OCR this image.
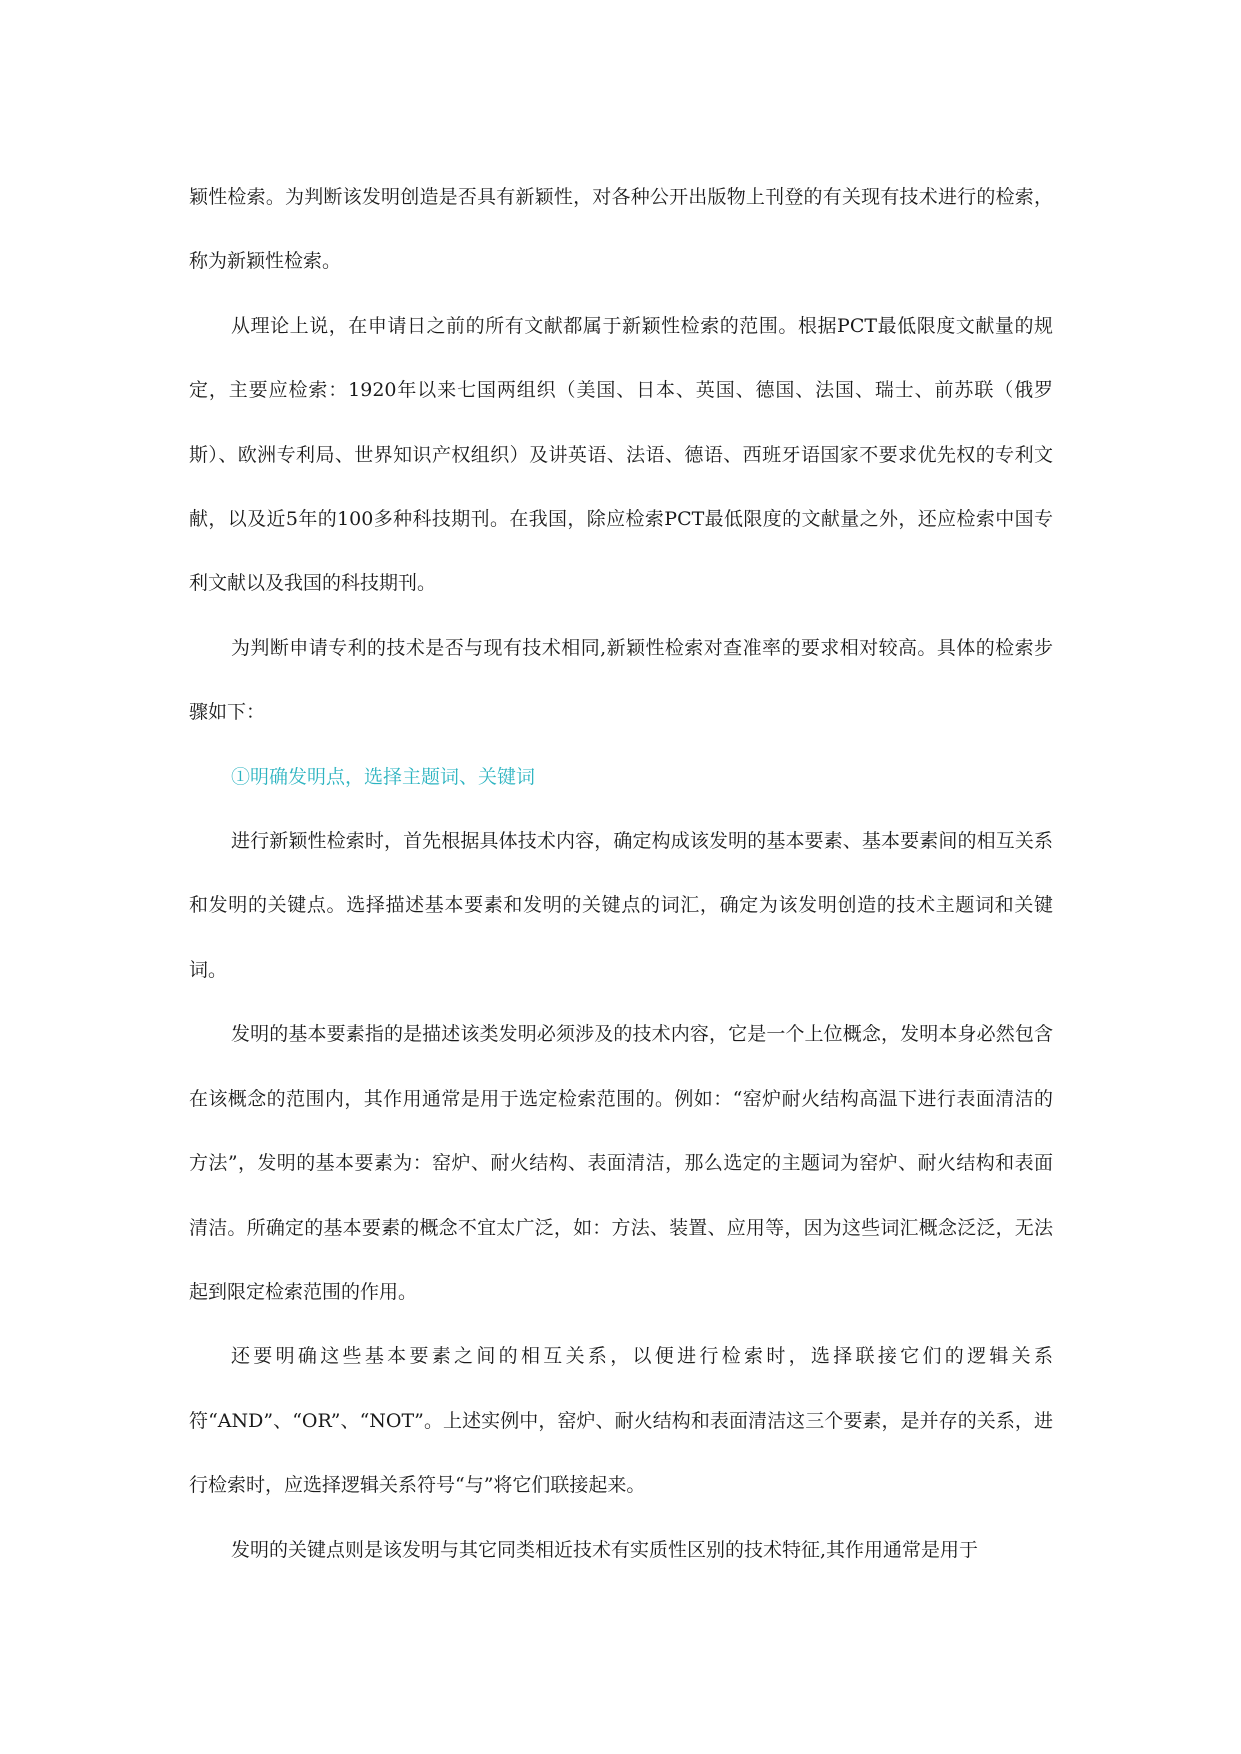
颖性检索。为判断该发明创造是否具有新颖性，对各种公开出版物上刊登的有关现有技术进行的检索，称为新颖性检索。

从理论上说，在申请日之前的所有文献都属于新颖性检索的范围。根据PCT最低限度文献量的规定，主要应检索：1920年以来七国两组织（美国、日本、英国、德国、法国、瑞士、前苏联（俄罗斯）、欧洲专利局、世界知识产权组织）及讲英语、法语、德语、西班牙语国家不要求优先权的专利文献，以及近5年的100多种科技期刊。在我国，除应检索PCT最低限度的文献量之外，还应检索中国专利文献以及我国的科技期刊。

为判断申请专利的技术是否与现有技术相同,新颖性检索对查准率的要求相对较高。具体的检索步骤如下：

①明确发明点，选择主题词、关键词

进行新颖性检索时，首先根据具体技术内容，确定构成该发明的基本要素、基本要素间的相互关系和发明的关键点。选择描述基本要素和发明的关键点的词汇，确定为该发明创造的技术主题词和关键词。

发明的基本要素指的是描述该类发明必须涉及的技术内容，它是一个上位概念，发明本身必然包含在该概念的范围内，其作用通常是用于选定检索范围的。例如：“窑炉耐火结构高温下进行表面清洁的方法”，发明的基本要素为：窑炉、耐火结构、表面清洁，那么选定的主题词为窑炉、耐火结构和表面清洁。所确定的基本要素的概念不宜太广泛，如：方法、装置、应用等，因为这些词汇概念泛泛，无法起到限定检索范围的作用。

还要明确这些基本要素之间的相互关系，以便进行检索时，选择联接它们的逻辑关系符“AND”、“OR”、“NOT”。上述实例中，窑炉、耐火结构和表面清洁这三个要素，是并存的关系，进行检索时，应选择逻辑关系符号“与”将它们联接起来。

发明的关键点则是该发明与其它同类相近技术有实质性区别的技术特征,其作用通常是用于
